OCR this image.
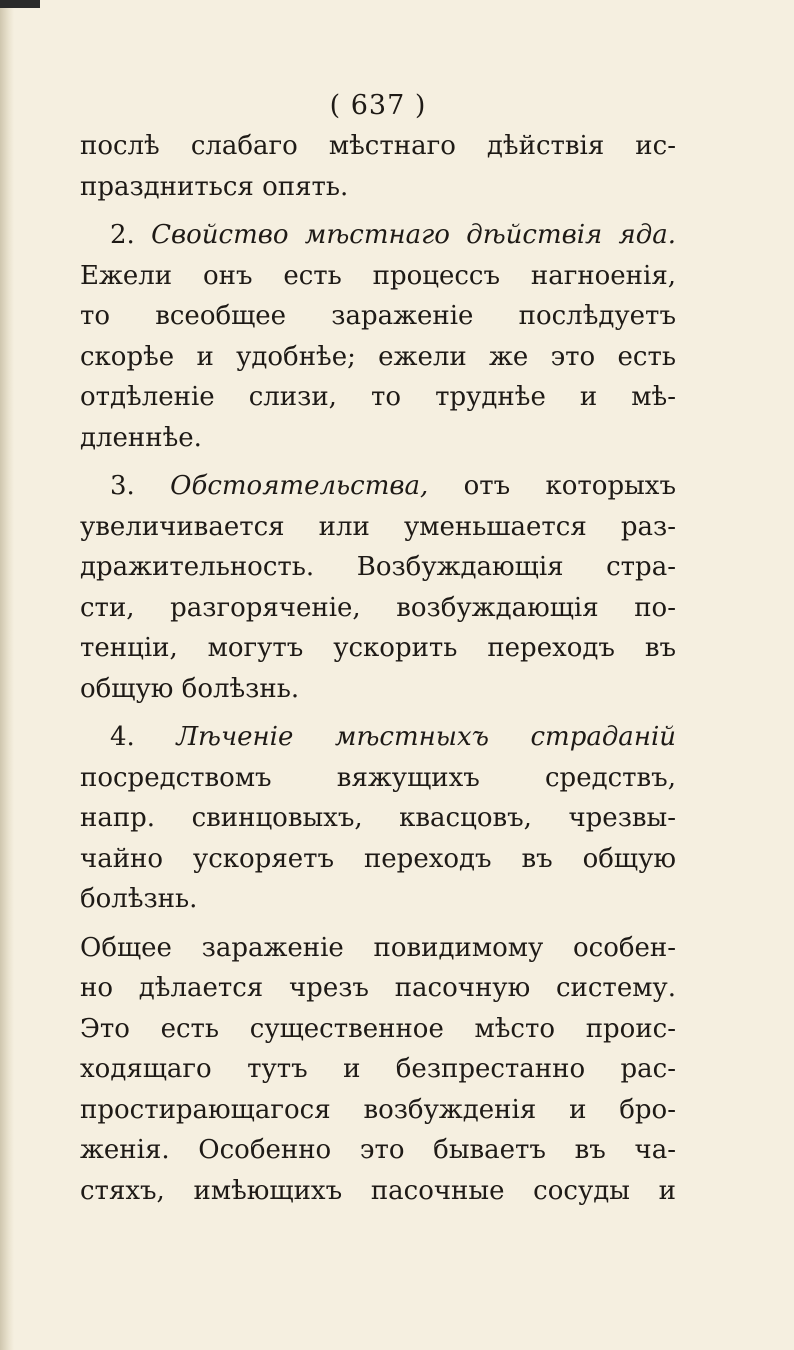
( 637 )
послѣ слабаго мѣстнаго дѣйствія ис-
праздниться опять.
2. Свойство мѣстнаго дѣйствія яда.
Ежели онъ есть процессъ нагноенія,
то всеобщее зараженіе послѣдуетъ
скорѣе и удобнѣе; ежели же это есть
отдѣленіе слизи, то труднѣе и мѣ-
дленнѣе.
3. Обстоятельства, отъ которыхъ
увеличивается или уменьшается раз-
дражительность. Возбуждающія стра-
сти, разгоряченіе, возбуждающія по-
тенціи, могутъ ускорить переходъ въ
общую болѣзнь.
4. Лѣченіе мѣстныхъ страданій
посредствомъ вяжущихъ средствъ,
напр. свинцовыхъ, квасцовъ, чрезвы-
чайно ускоряетъ переходъ въ общую
болѣзнь.
Общее зараженіе повидимому особен-
но дѣлается чрезъ пасочную систему.
Это есть существенное мѣсто проис-
ходящаго тутъ и безпрестанно рас-
простирающагося возбужденія и бро-
женія. Особенно это бываетъ въ ча-
стяхъ, имѣющихъ пасочные сосуды и
